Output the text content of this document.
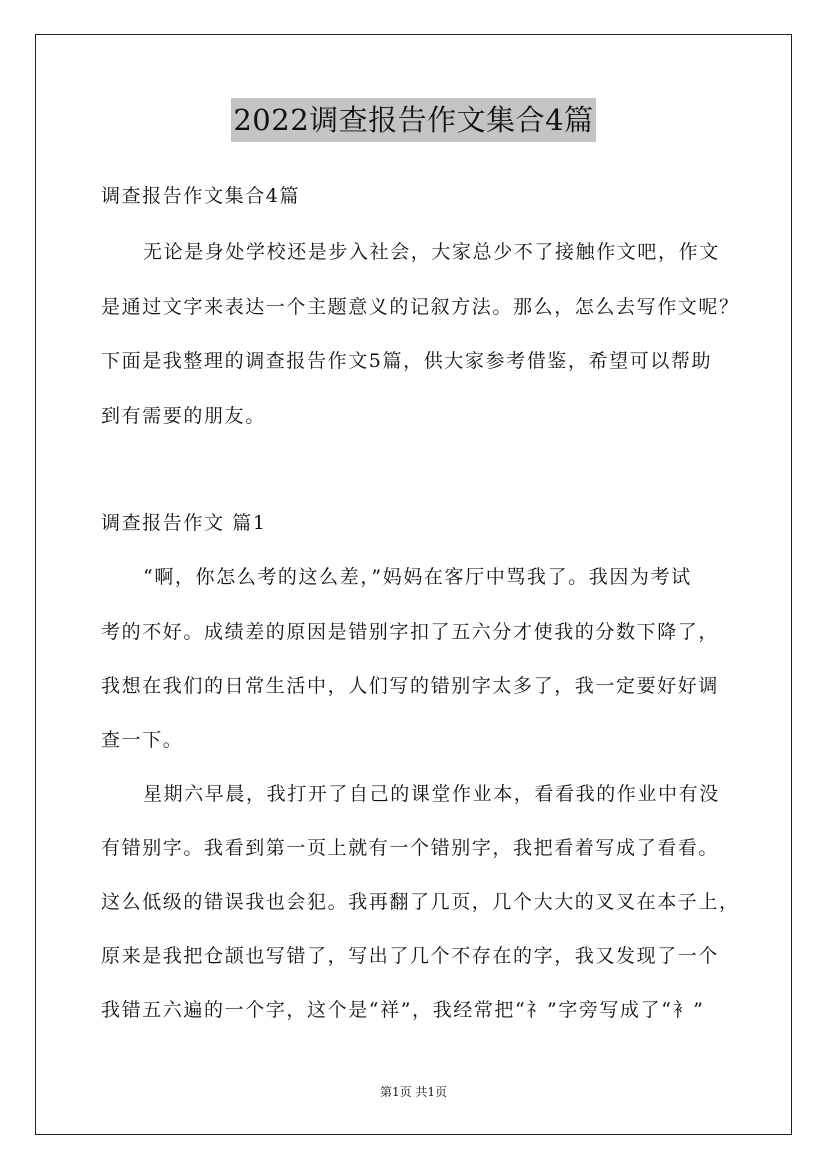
2022调查报告作文集合4篇
调查报告作文集合4篇
无论是身处学校还是步入社会，大家总少不了接触作文吧，作文
是通过文字来表达一个主题意义的记叙方法。那么，怎么去写作文呢？
下面是我整理的调查报告作文5篇，供大家参考借鉴，希望可以帮助
到有需要的朋友。
调查报告作文 篇1
“啊，你怎么考的这么差，”妈妈在客厅中骂我了。我因为考试
考的不好。成绩差的原因是错别字扣了五六分才使我的分数下降了，
我想在我们的日常生活中，人们写的错别字太多了，我一定要好好调
查一下。
星期六早晨，我打开了自己的课堂作业本，看看我的作业中有没
有错别字。我看到第一页上就有一个错别字，我把看着写成了看看。
这么低级的错误我也会犯。我再翻了几页，几个大大的叉叉在本子上，
原来是我把仓颉也写错了，写出了几个不存在的字，我又发现了一个
我错五六遍的一个字，这个是“祥”，我经常把“礻”字旁写成了“衤”
第1页 共1页
